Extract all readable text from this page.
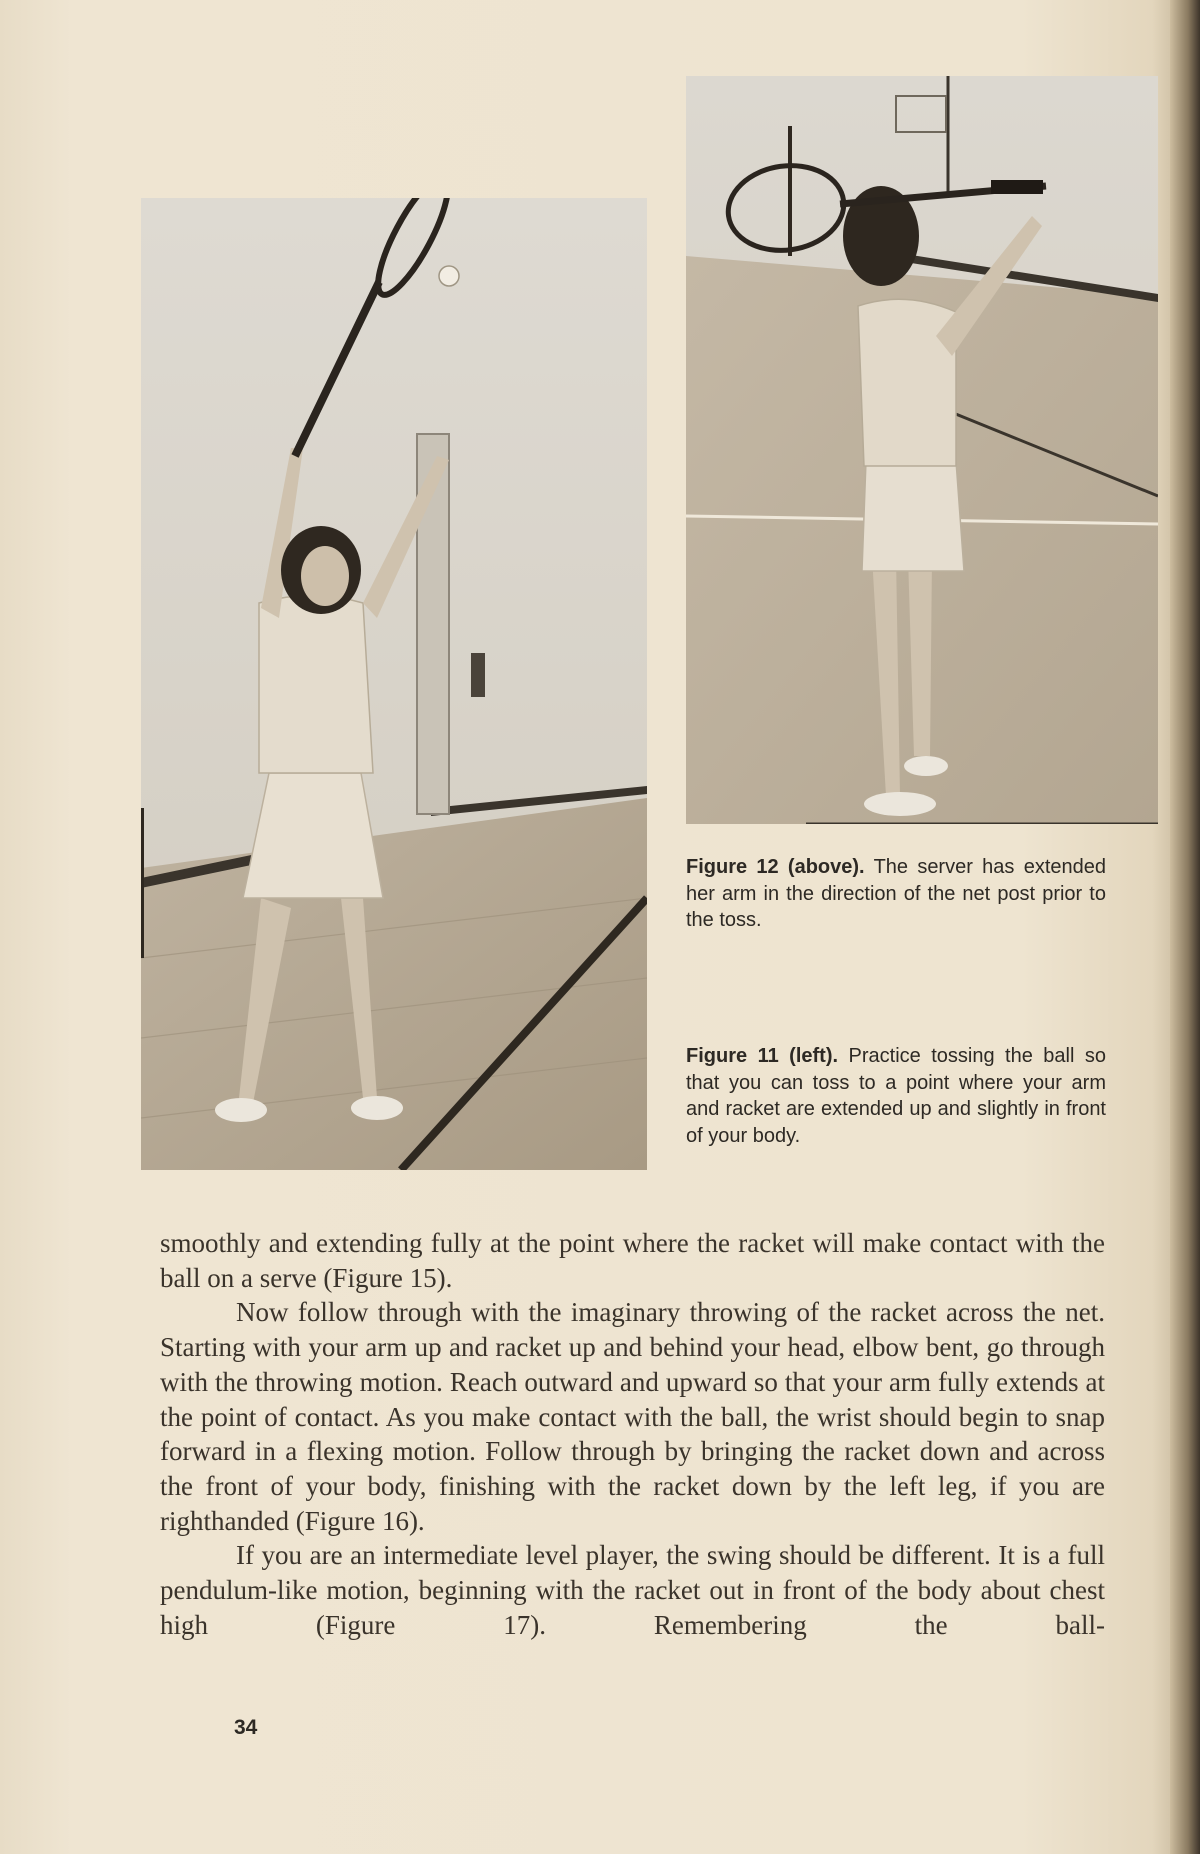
Figure 12 (above). The server has extended her arm in the direction of the net post prior to the toss.
Figure 11 (left). Practice tossing the ball so that you can toss to a point where your arm and racket are extended up and slightly in front of your body.

smoothly and extending fully at the point where the racket will make contact with the ball on a serve (Figure 15).

Now follow through with the imaginary throwing of the racket across the net. Starting with your arm up and racket up and behind your head, elbow bent, go through with the throwing motion. Reach outward and upward so that your arm fully extends at the point of contact. As you make contact with the ball, the wrist should begin to snap forward in a flexing motion. Follow through by bringing the racket down and across the front of your body, finishing with the racket down by the left leg, if you are righthanded (Figure 16).

If you are an intermediate level player, the swing should be different. It is a full pendulum-like motion, beginning with the racket out in front of the body about chest high (Figure 17). Remembering the ball-

34
